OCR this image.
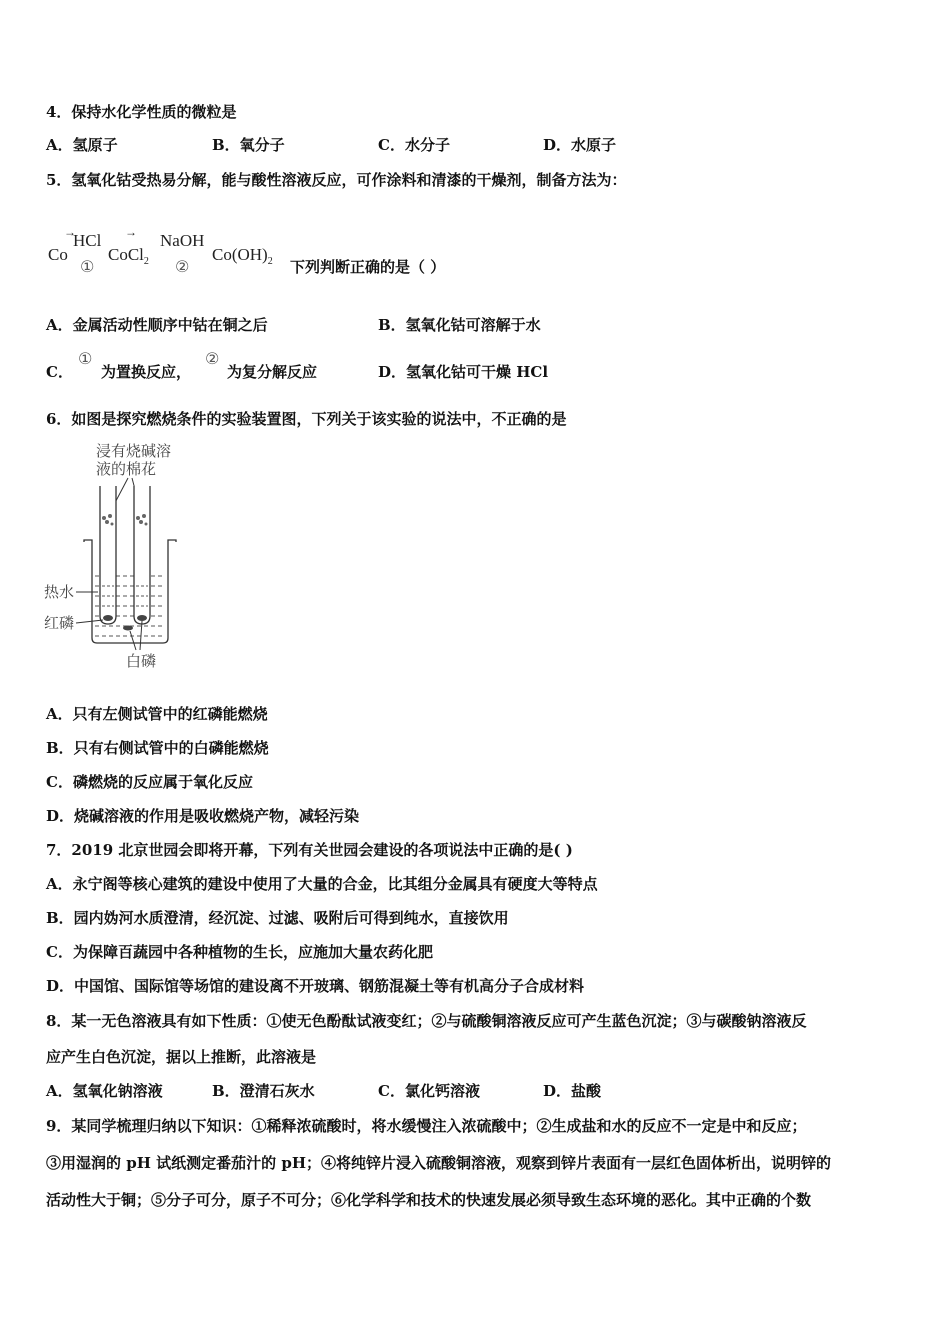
4．保持水化学性质的微粒是
A．氢原子	B．氧分子	C．水分子	D．水原子
5．氢氧化钴受热易分解，能与酸性溶液反应，可作涂料和清漆的干燥剂，制备方法为：
Co
→
HCl
①
CoCl$_2$
→ NaOH
②
$Co(OH)_2$ 下列判断正确的是（ ）
A．金属活动性顺序中钴在铜之后	B．氢氧化钴可溶解于水
C．
①
为置换反应，
②
为复分解反应	D．氢氧化钴可干燥 HCl
6．如图是探究燃烧条件的实验装置图，下列关于该实验的说法中，不正确的是
浸有烧碱溶
液的棉花
热水
红磷
白磷
A．只有左侧试管中的红磷能燃烧
B．只有右侧试管中的白磷能燃烧
C．磷燃烧的反应属于氧化反应
D．烧碱溶液的作用是吸收燃烧产物，减轻污染
7．2019 北京世园会即将开幕，下列有关世园会建设的各项说法中正确的是( )
A．永宁阁等核心建筑的建设中使用了大量的合金，比其组分金属具有硬度大等特点
B．园内妫河水质澄清，经沉淀、过滤、吸附后可得到纯水，直接饮用
C．为保障百蔬园中各种植物的生长，应施加大量农药化肥
D．中国馆、国际馆等场馆的建设离不开玻璃、钢筋混凝土等有机高分子合成材料
8．某一无色溶液具有如下性质：①使无色酚酞试液变红；②与硫酸铜溶液反应可产生蓝色沉淀；③与碳酸钠溶液反
应产生白色沉淀，据以上推断，此溶液是
A．氢氧化钠溶液	B．澄清石灰水	C．氯化钙溶液	D．盐酸
9．某同学梳理归纳以下知识：①稀释浓硫酸时，将水缓慢注入浓硫酸中；②生成盐和水的反应不一定是中和反应；
③用湿润的 pH 试纸测定番茄汁的 pH；④将纯锌片浸入硫酸铜溶液，观察到锌片表面有一层红色固体析出，说明锌的
活动性大于铜；⑤分子可分，原子不可分；⑥化学科学和技术的快速发展必须导致生态环境的恶化。其中正确的个数
